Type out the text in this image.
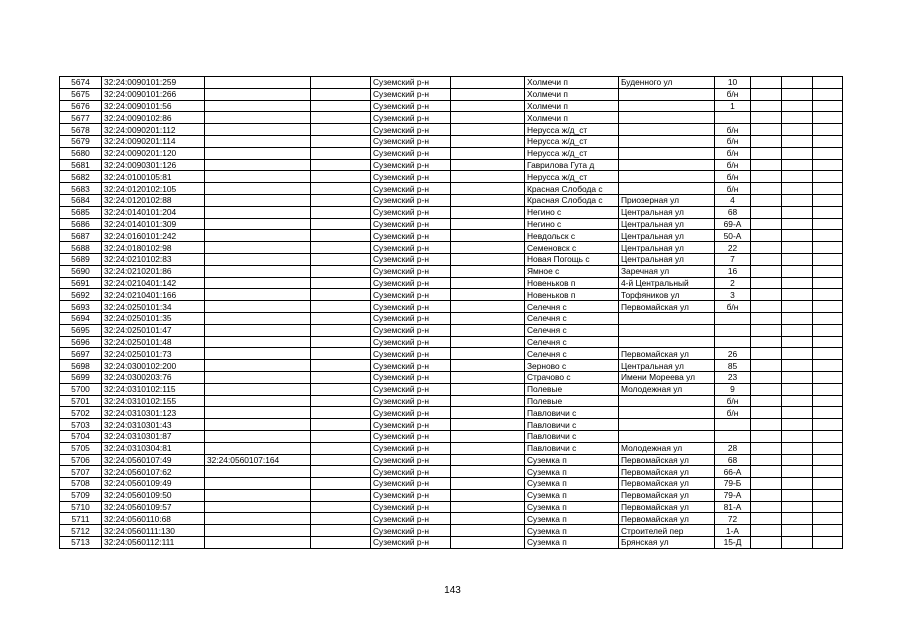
5674	32:24:0090101:259			Суземский р-н		Холмечи п	Буденного ул	10			
5675	32:24:0090101:266			Суземский р-н		Холмечи п		б/н			
5676	32:24:0090101:56			Суземский р-н		Холмечи п		1			
5677	32:24:0090102:86			Суземский р-н		Холмечи п					
5678	32:24:0090201:112			Суземский р-н		Нерусса ж/д_ст		б/н			
5679	32:24:0090201:114			Суземский р-н		Нерусса ж/д_ст		б/н			
5680	32:24:0090201:120			Суземский р-н		Нерусса ж/д_ст		б/н			
5681	32:24:0090301:126			Суземский р-н		Гаврилова Гута д		б/н			
5682	32:24:0100105:81			Суземский р-н		Нерусса ж/д_ст		б/н			
5683	32:24:0120102:105			Суземский р-н		Красная Слобода с		б/н			
5684	32:24:0120102:88			Суземский р-н		Красная Слобода с	Приозерная ул	4			
5685	32:24:0140101:204			Суземский р-н		Негино с	Центральная ул	68			
5686	32:24:0140101:309			Суземский р-н		Негино с	Центральная ул	69-А			
5687	32:24:0160101:242			Суземский р-н		Невдольск с	Центральная ул	50-А			
5688	32:24:0180102:98			Суземский р-н		Семеновск с	Центральная ул	22			
5689	32:24:0210102:83			Суземский р-н		Новая Погощь с	Центральная ул	7			
5690	32:24:0210201:86			Суземский р-н		Ямное с	Заречная ул	16			
5691	32:24:0210401:142			Суземский р-н		Новеньков п	4-й Центральный	2			
5692	32:24:0210401:166			Суземский р-н		Новеньков п	Торфяников ул	3			
5693	32:24:0250101:34			Суземский р-н		Селечня с	Первомайская ул	б/н			
5694	32:24:0250101:35			Суземский р-н		Селечня с					
5695	32:24:0250101:47			Суземский р-н		Селечня с					
5696	32:24:0250101:48			Суземский р-н		Селечня с					
5697	32:24:0250101:73			Суземский р-н		Селечня с	Первомайская ул	26			
5698	32:24:0300102:200			Суземский р-н		Зерново с	Центральная ул	85			
5699	32:24:0300203:76			Суземский р-н		Страчово с	Имени Мореева ул	23			
5700	32:24:0310102:115			Суземский р-н		Полевые	Молодежная ул	9			
5701	32:24:0310102:155			Суземский р-н		Полевые		б/н			
5702	32:24:0310301:123			Суземский р-н		Павловичи с		б/н			
5703	32:24:0310301:43			Суземский р-н		Павловичи с					
5704	32:24:0310301:87			Суземский р-н		Павловичи с					
5705	32:24:0310304:81			Суземский р-н		Павловичи с	Молодежная ул	28			
5706	32:24:0560107:49	32:24:0560107:164		Суземский р-н		Суземка п	Первомайская ул	68			
5707	32:24:0560107:62			Суземский р-н		Суземка п	Первомайская ул	66-А			
5708	32:24:0560109:49			Суземский р-н		Суземка п	Первомайская ул	79-Б			
5709	32:24:0560109:50			Суземский р-н		Суземка п	Первомайская ул	79-А			
5710	32:24:0560109:57			Суземский р-н		Суземка п	Первомайская ул	81-А			
5711	32:24:0560110:68			Суземский р-н		Суземка п	Первомайская ул	72			
5712	32:24:0560111:130			Суземский р-н		Суземка п	Строителей пер	1-А			
5713	32:24:0560112:111			Суземский р-н		Суземка п	Брянская ул	15-Д			
143
